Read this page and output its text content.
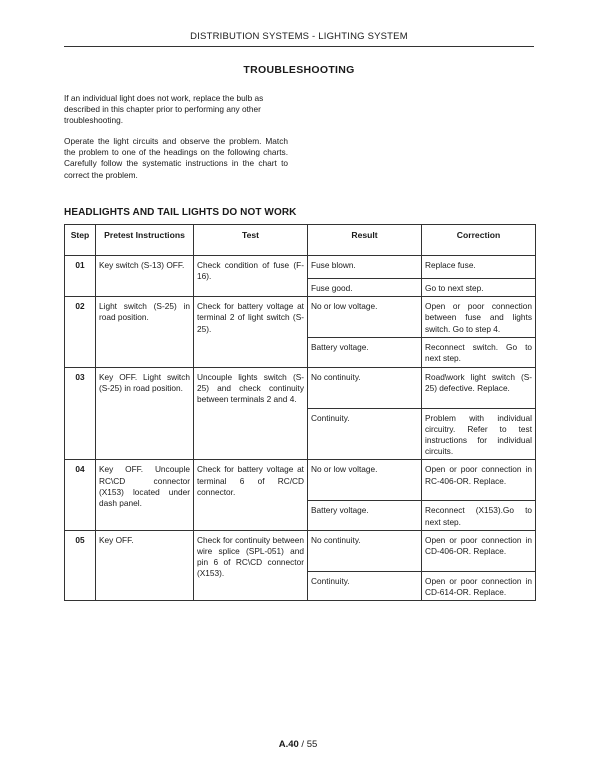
DISTRIBUTION SYSTEMS - LIGHTING SYSTEM
TROUBLESHOOTING
If an individual light does not work, replace the bulb as described in this chapter prior to performing any other troubleshooting.
Operate the light circuits and observe the problem. Match the problem to one of the headings on the following charts. Carefully follow the systematic instructions in the chart to correct the problem.
HEADLIGHTS AND TAIL LIGHTS DO NOT WORK
Step	Pretest Instructions	Test	Result	Correction
01	Key switch (S-13) OFF.	Check condition of fuse (F-16).	Fuse blown.	Replace fuse.
			Fuse good.	Go to next step.
02	Light switch (S-25) in road position.	Check for battery voltage at terminal 2 of light switch (S-25).	No or low voltage.	Open or poor connection between fuse and lights switch. Go to step 4.
			Battery voltage.	Reconnect switch. Go to next step.
03	Key OFF. Light switch (S-25) in road position.	Uncouple lights switch (S-25) and check continuity between terminals 2 and 4.	No continuity.	Road\work light switch (S-25) defective. Replace.
			Continuity.	Problem with individual circuitry. Refer to test instructions for individual circuits.
04	Key OFF. Uncouple RC\CD connector (X153) located under dash panel.	Check for battery voltage at terminal 6 of RC/CD connector.	No or low voltage.	Open or poor connection in RC-406-OR. Replace.
			Battery voltage.	Reconnect (X153).Go to next step.
05	Key OFF.	Check for continuity between wire splice (SPL-051) and pin 6 of RC\CD connector (X153).	No continuity.	Open or poor connection in CD-406-OR. Replace.
			Continuity.	Open or poor connection in CD-614-OR. Replace.
A.40 / 55
